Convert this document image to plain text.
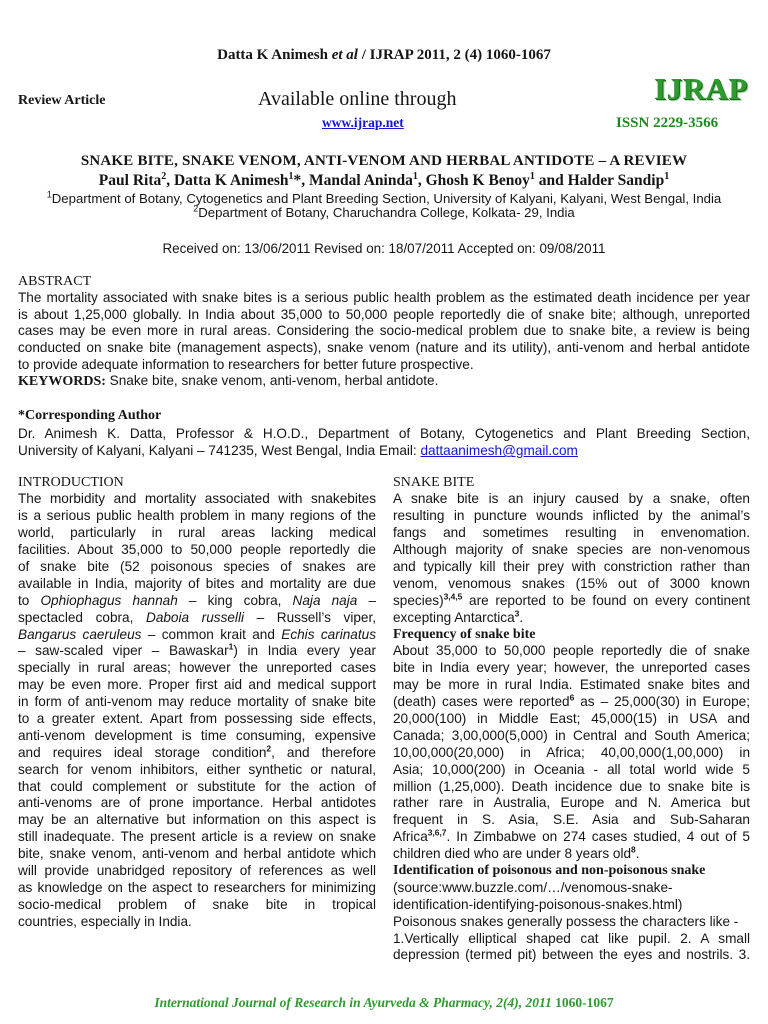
Datta K Animesh et al / IJRAP 2011, 2 (4) 1060-1067
Review Article	Available online through	IJRAP
www.ijrap.net	ISSN 2229-3566
SNAKE BITE, SNAKE VENOM, ANTI-VENOM AND HERBAL ANTIDOTE – A REVIEW
Paul Rita$^2$, Datta K Animesh$^1$*, Mandal Aninda$^1$, Ghosh K Benoy$^1$ and Halder Sandip$^1$
$^1$Department of Botany, Cytogenetics and Plant Breeding Section, University of Kalyani, Kalyani, West Bengal, India
$^2$Department of Botany, Charuchandra College, Kolkata- 29, India
Received on: 13/06/2011 Revised on: 18/07/2011 Accepted on: 09/08/2011
ABSTRACT
The mortality associated with snake bites is a serious public health problem as the estimated death incidence per year
is about 1,25,000 globally. In India about 35,000 to 50,000 people reportedly die of snake bite; although, unreported
cases may be even more in rural areas. Considering the socio-medical problem due to snake bite, a review is being
conducted on snake bite (management aspects), snake venom (nature and its utility), anti-venom and herbal antidote
to provide adequate information to researchers for better future prospective.
KEYWORDS: Snake bite, snake venom, anti-venom, herbal antidote.
*Corresponding Author
Dr. Animesh K. Datta, Professor & H.O.D., Department of Botany, Cytogenetics and Plant Breeding Section,
University of Kalyani, Kalyani – 741235, West Bengal, India Email: dattaanimesh@gmail.com
INTRODUCTION
The morbidity and mortality associated with snakebites
is a serious public health problem in many regions of the
world, particularly in rural areas lacking medical
facilities. About 35,000 to 50,000 people reportedly die
of snake bite (52 poisonous species of snakes are
available in India, majority of bites and mortality are due
to Ophiophagus hannah – king cobra, Naja naja –
spectacled cobra, Daboia russelli – Russell’s viper,
Bangarus caeruleus – common krait and Echis carinatus
– saw-scaled viper – Bawaskar$^1$) in India every year
specially in rural areas; however the unreported cases
may be even more. Proper first aid and medical support
in form of anti-venom may reduce mortality of snake bite
to a greater extent. Apart from possessing side effects,
anti-venom development is time consuming, expensive
and requires ideal storage condition$^2$, and therefore
search for venom inhibitors, either synthetic or natural,
that could complement or substitute for the action of
anti-venoms are of prone importance. Herbal antidotes
may be an alternative but information on this aspect is
still inadequate. The present article is a review on snake
bite, snake venom, anti-venom and herbal antidote which
will provide unabridged repository of references as well
as knowledge on the aspect to researchers for minimizing
socio-medical problem of snake bite in tropical
countries, especially in India.
SNAKE BITE
A snake bite is an injury caused by a snake, often
resulting in puncture wounds inflicted by the animal’s
fangs and sometimes resulting in envenomation.
Although majority of snake species are non-venomous
and typically kill their prey with constriction rather than
venom, venomous snakes (15% out of 3000 known
species)$^{3,4,5}$ are reported to be found on every continent
excepting Antarctica$^3$.
Frequency of snake bite
About 35,000 to 50,000 people reportedly die of snake
bite in India every year; however, the unreported cases
may be more in rural India. Estimated snake bites and
(death) cases were reported$^6$ as – 25,000(30) in Europe;
20,000(100) in Middle East; 45,000(15) in USA and
Canada; 3,00,000(5,000) in Central and South America;
10,00,000(20,000) in Africa; 40,00,000(1,00,000) in
Asia; 10,000(200) in Oceania - all total world wide 5
million (1,25,000). Death incidence due to snake bite is
rather rare in Australia, Europe and N. America but
frequent in S. Asia, S.E. Asia and Sub-Saharan
Africa$^{3,6,7}$. In Zimbabwe on 274 cases studied, 4 out of 5
children died who are under 8 years old$^8$.
Identification of poisonous and non-poisonous snake
(source:www.buzzle.com/…/venomous-snake-
identification-identifying-poisonous-snakes.html)
Poisonous snakes generally possess the characters like -
1.Vertically elliptical shaped cat like pupil. 2. A small
depression (termed pit) between the eyes and nostrils. 3.
International Journal of Research in Ayurveda & Pharmacy, 2(4), 2011 1060-1067
